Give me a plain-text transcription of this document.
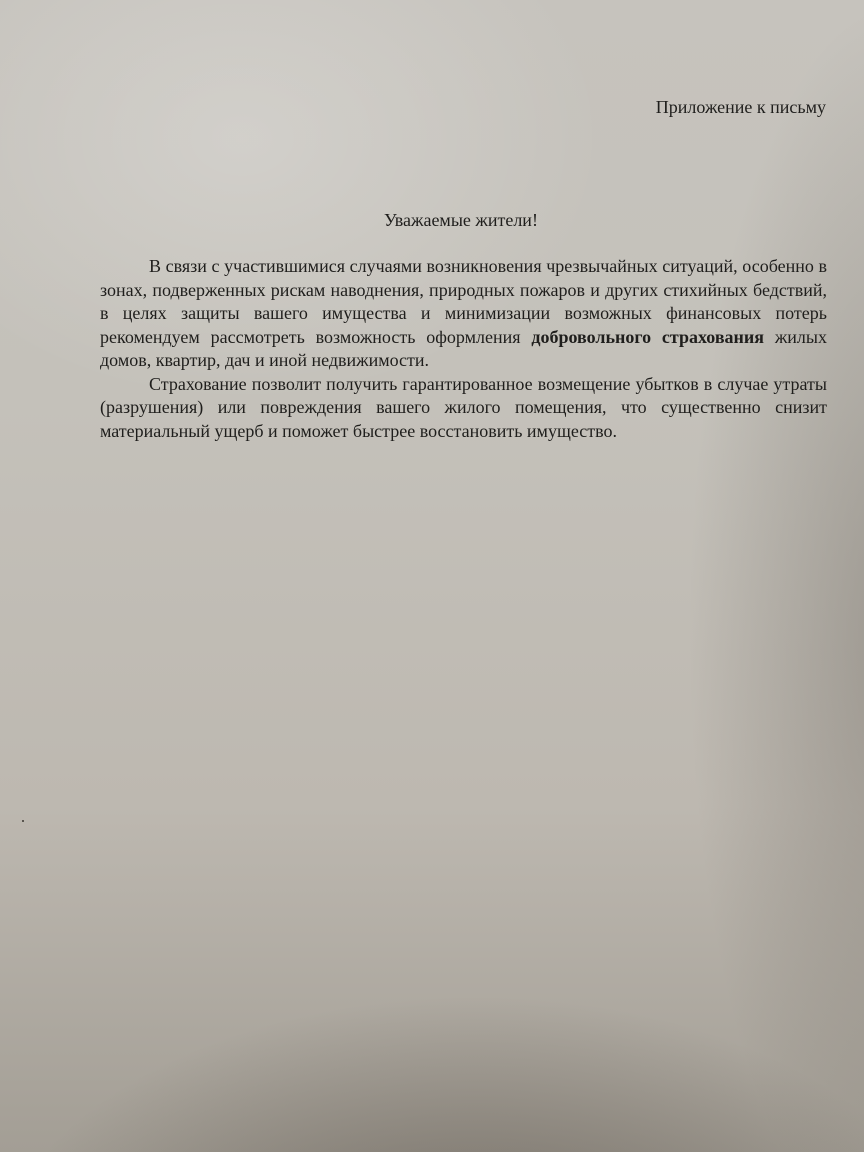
Приложение к письму
Уважаемые жители!

В связи с участившимися случаями возникновения чрезвычайных ситуаций, особенно в зонах, подверженных рискам наводнения, природных пожаров и других стихийных бедствий, в целях защиты вашего имущества и минимизации возможных финансовых потерь рекомендуем рассмотреть возможность оформления добровольного страхования жилых домов, квартир, дач и иной недвижимости.

Страхование позволит получить гарантированное возмещение убытков в случае утраты (разрушения) или повреждения вашего жилого помещения, что существенно снизит материальный ущерб и поможет быстрее восстановить имущество.
